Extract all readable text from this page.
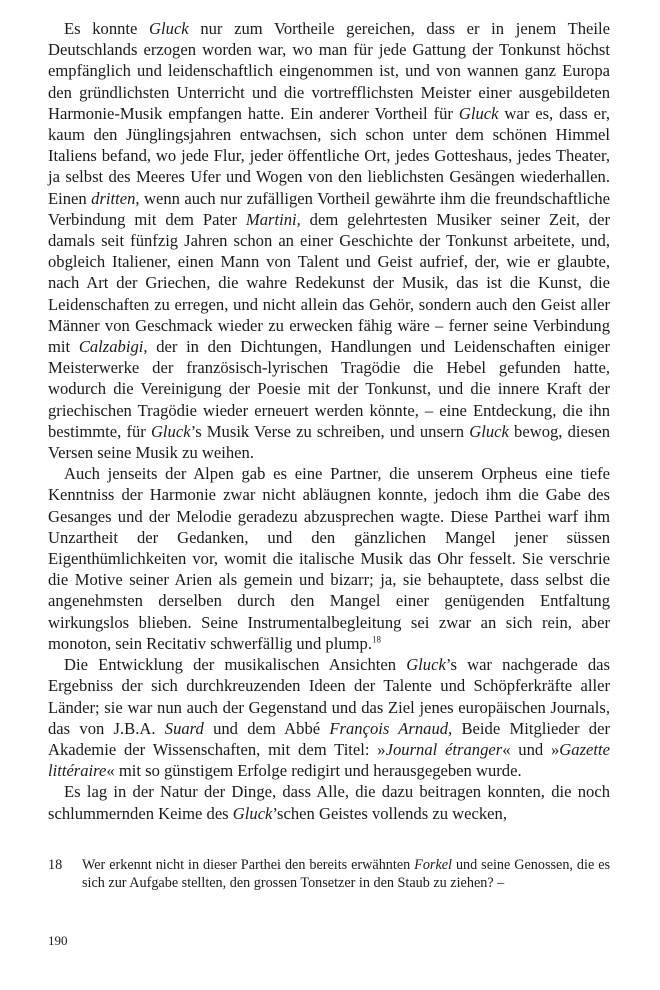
Es konnte Gluck nur zum Vortheile gereichen, dass er in jenem Theile Deutschlands erzogen worden war, wo man für jede Gattung der Tonkunst höchst empfänglich und leidenschaftlich eingenommen ist, und von wannen ganz Europa den gründlichsten Unterricht und die vortrefflichsten Meister einer ausgebildeten Harmonie-Musik empfangen hatte. Ein anderer Vortheil für Gluck war es, dass er, kaum den Jünglingsjahren entwachsen, sich schon unter dem schönen Himmel Italiens befand, wo jede Flur, jeder öffentliche Ort, jedes Gotteshaus, jedes Theater, ja selbst des Meeres Ufer und Wogen von den lieblichsten Gesängen wiederhallen. Einen dritten, wenn auch nur zufälligen Vortheil gewährte ihm die freundschaftliche Verbindung mit dem Pater Martini, dem gelehrtesten Musiker seiner Zeit, der damals seit fünfzig Jahren schon an einer Geschichte der Tonkunst arbeitete, und, obgleich Italiener, einen Mann von Talent und Geist aufrief, der, wie er glaubte, nach Art der Griechen, die wahre Redekunst der Musik, das ist die Kunst, die Leidenschaften zu erregen, und nicht allein das Gehör, sondern auch den Geist aller Männer von Geschmack wieder zu erwecken fähig wäre – ferner seine Verbindung mit Calzabigi, der in den Dichtungen, Handlungen und Leidenschaften einiger Meisterwerke der französisch-lyrischen Tragödie die Hebel gefunden hatte, wodurch die Vereinigung der Poesie mit der Tonkunst, und die innere Kraft der griechischen Tragödie wieder erneuert werden könnte, – eine Entdeckung, die ihn bestimmte, für Gluck’s Musik Verse zu schreiben, und unsern Gluck bewog, diesen Versen seine Musik zu weihen.

Auch jenseits der Alpen gab es eine Partner, die unserem Orpheus eine tiefe Kenntniss der Harmonie zwar nicht abläugnen konnte, jedoch ihm die Gabe des Gesanges und der Melodie geradezu abzusprechen wagte. Diese Parthei warf ihm Unzartheit der Gedanken, und den gänzlichen Mangel jener süssen Eigenthümlichkeiten vor, womit die italische Musik das Ohr fesselt. Sie verschrie die Motive seiner Arien als gemein und bizarr; ja, sie behauptete, dass selbst die angenehmsten derselben durch den Mangel einer genügenden Entfaltung wirkungslos blieben. Seine Instrumentalbegleitung sei zwar an sich rein, aber monoton, sein Recitativ schwerfällig und plump.$^{18}$

Die Entwicklung der musikalischen Ansichten Gluck’s war nachgerade das Ergebniss der sich durchkreuzenden Ideen der Talente und Schöpferkräfte aller Länder; sie war nun auch der Gegenstand und das Ziel jenes europäischen Journals, das von J.B.A. Suard und dem Abbé François Arnaud, Beide Mitglieder der Akademie der Wissenschaften, mit dem Titel: »Journal étranger« und »Gazette littéraire« mit so günstigem Erfolge redigirt und herausgegeben wurde.

Es lag in der Natur der Dinge, dass Alle, die dazu beitragen konnten, die noch schlummernden Keime des Gluck’schen Geistes vollends zu wecken,

18	Wer erkennt nicht in dieser Parthei den bereits erwähnten Forkel und seine Genossen, die es sich zur Aufgabe stellten, den grossen Tonsetzer in den Staub zu ziehen? –
190
